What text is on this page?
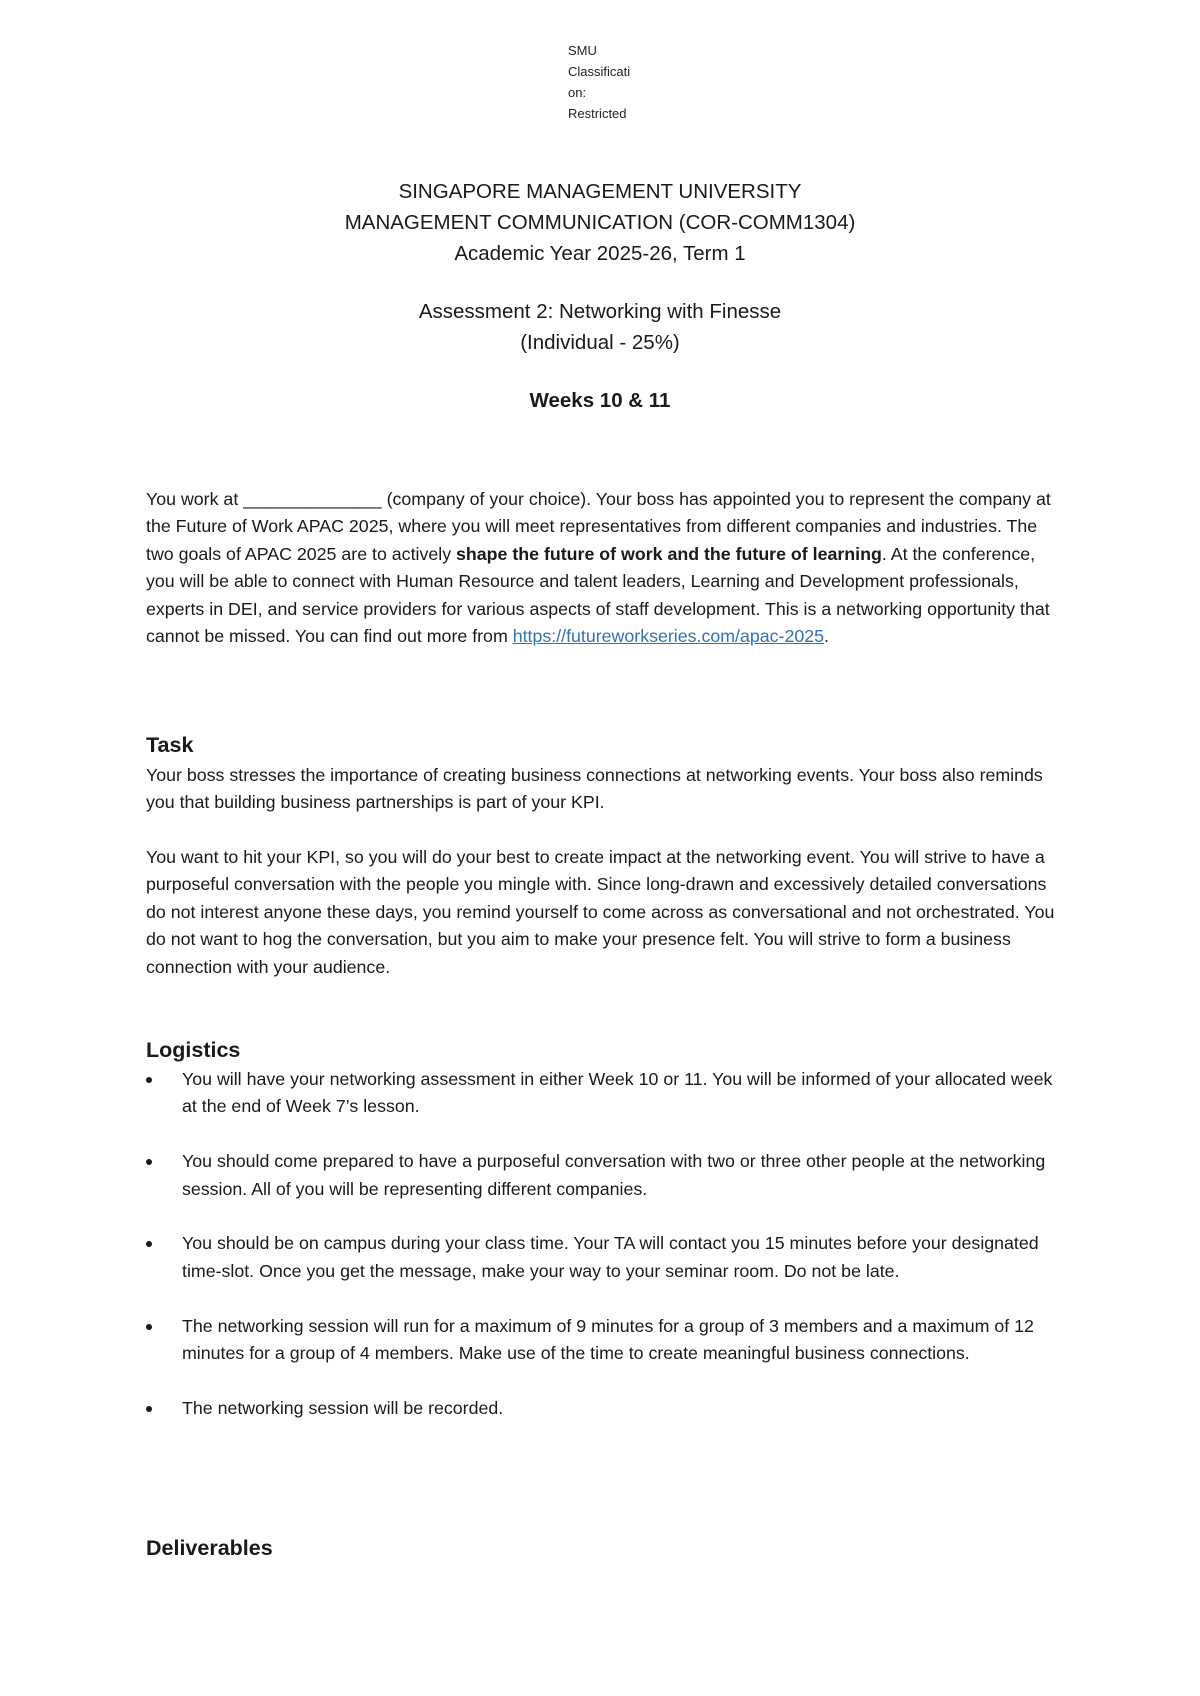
SMU
Classificati
on:
Restricted
SINGAPORE MANAGEMENT UNIVERSITY
MANAGEMENT COMMUNICATION (COR-COMM1304)
Academic Year 2025-26, Term 1
Assessment 2: Networking with Finesse
(Individual - 25%)
Weeks 10 & 11
You work at ______________ (company of your choice). Your boss has appointed you to represent the company at the Future of Work APAC 2025, where you will meet representatives from different companies and industries. The two goals of APAC 2025 are to actively shape the future of work and the future of learning. At the conference, you will be able to connect with Human Resource and talent leaders, Learning and Development professionals, experts in DEI, and service providers for various aspects of staff development. This is a networking opportunity that cannot be missed. You can find out more from https://futureworkseries.com/apac-2025.
Task
Your boss stresses the importance of creating business connections at networking events. Your boss also reminds you that building business partnerships is part of your KPI.
You want to hit your KPI, so you will do your best to create impact at the networking event. You will strive to have a purposeful conversation with the people you mingle with. Since long-drawn and excessively detailed conversations do not interest anyone these days, you remind yourself to come across as conversational and not orchestrated. You do not want to hog the conversation, but you aim to make your presence felt. You will strive to form a business connection with your audience.
Logistics
You will have your networking assessment in either Week 10 or 11. You will be informed of your allocated week at the end of Week 7’s lesson.
You should come prepared to have a purposeful conversation with two or three other people at the networking session. All of you will be representing different companies.
You should be on campus during your class time. Your TA will contact you 15 minutes before your designated time-slot. Once you get the message, make your way to your seminar room. Do not be late.
The networking session will run for a maximum of 9 minutes for a group of 3 members and a maximum of 12 minutes for a group of 4 members. Make use of the time to create meaningful business connections.
The networking session will be recorded.
Deliverables
